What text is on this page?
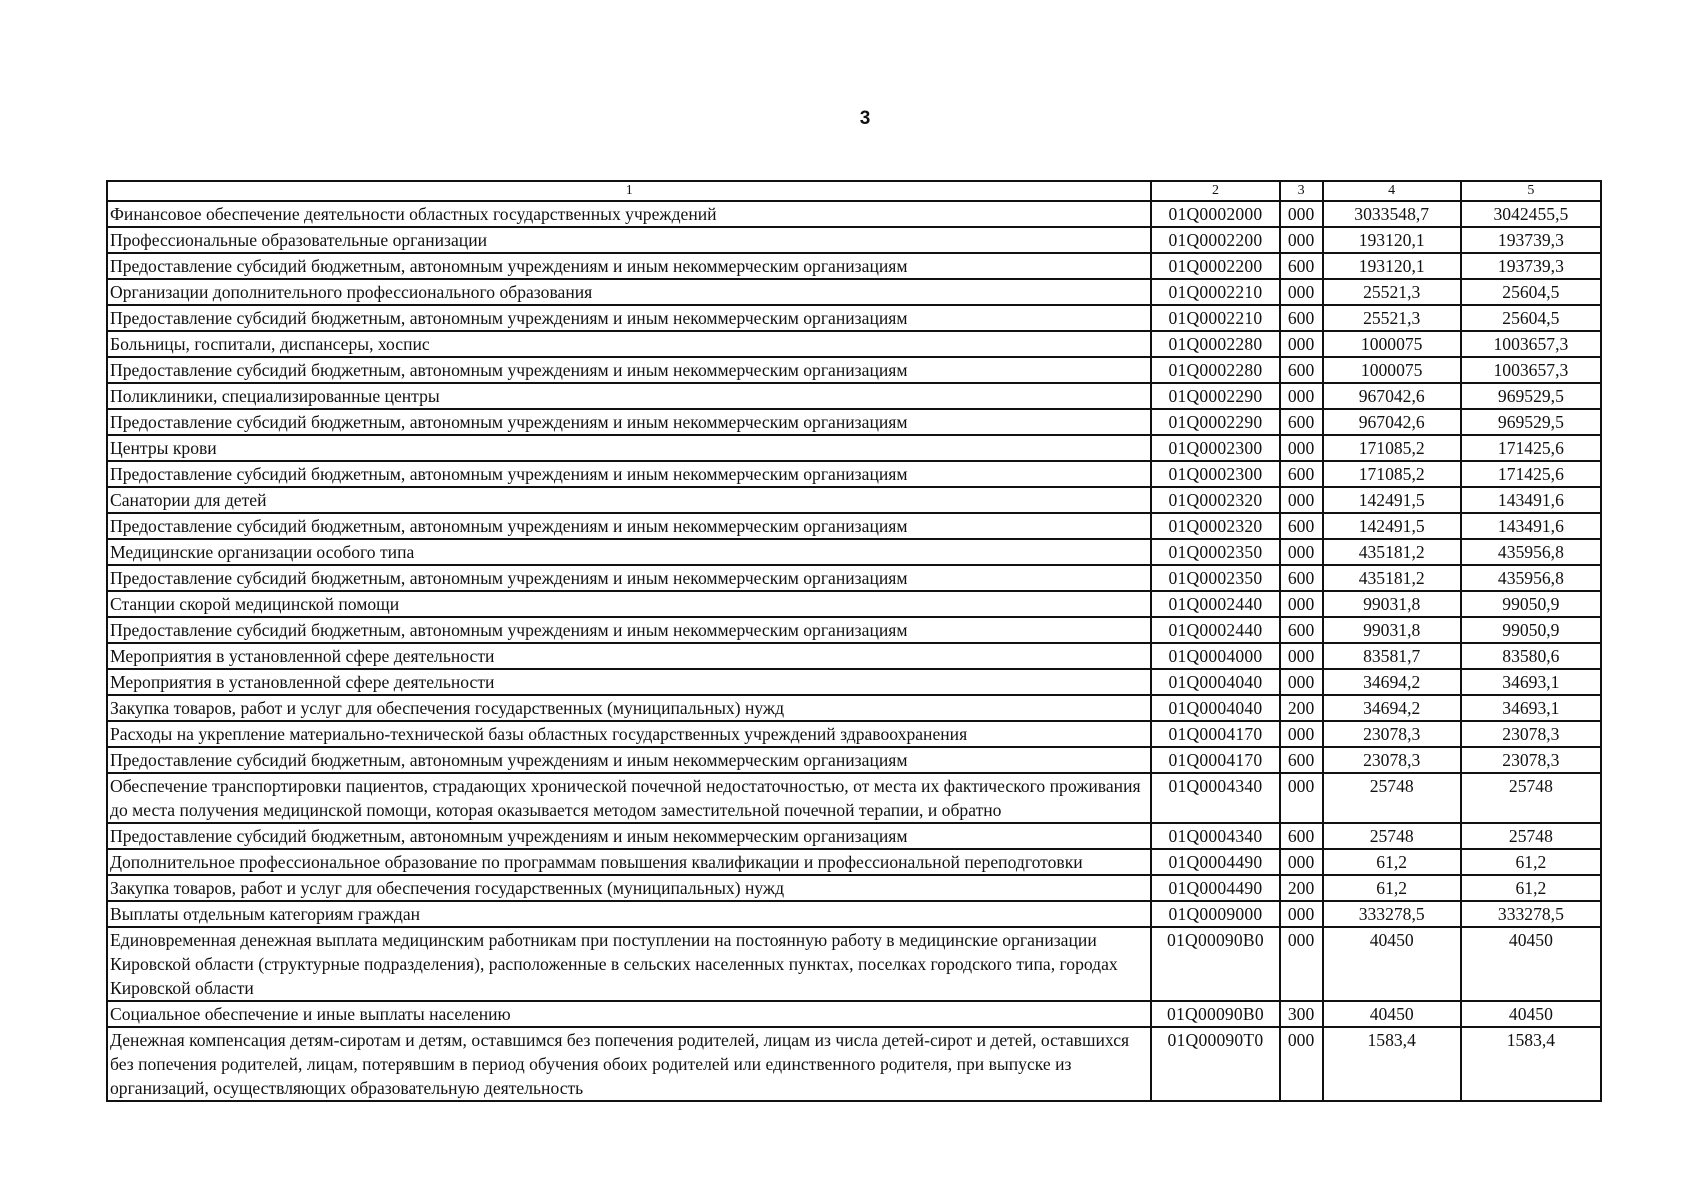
3
1	2	3	4	5
Финансовое обеспечение деятельности областных государственных учреждений	01Q0002000	000	3033548,7	3042455,5
Профессиональные образовательные организации	01Q0002200	000	193120,1	193739,3
Предоставление субсидий бюджетным, автономным учреждениям и иным некоммерческим организациям	01Q0002200	600	193120,1	193739,3
Организации дополнительного профессионального образования	01Q0002210	000	25521,3	25604,5
Предоставление субсидий бюджетным, автономным учреждениям и иным некоммерческим организациям	01Q0002210	600	25521,3	25604,5
Больницы, госпитали, диспансеры, хоспис	01Q0002280	000	1000075	1003657,3
Предоставление субсидий бюджетным, автономным учреждениям и иным некоммерческим организациям	01Q0002280	600	1000075	1003657,3
Поликлиники, специализированные центры	01Q0002290	000	967042,6	969529,5
Предоставление субсидий бюджетным, автономным учреждениям и иным некоммерческим организациям	01Q0002290	600	967042,6	969529,5
Центры крови	01Q0002300	000	171085,2	171425,6
Предоставление субсидий бюджетным, автономным учреждениям и иным некоммерческим организациям	01Q0002300	600	171085,2	171425,6
Санатории для детей	01Q0002320	000	142491,5	143491,6
Предоставление субсидий бюджетным, автономным учреждениям и иным некоммерческим организациям	01Q0002320	600	142491,5	143491,6
Медицинские организации особого типа	01Q0002350	000	435181,2	435956,8
Предоставление субсидий бюджетным, автономным учреждениям и иным некоммерческим организациям	01Q0002350	600	435181,2	435956,8
Станции скорой медицинской помощи	01Q0002440	000	99031,8	99050,9
Предоставление субсидий бюджетным, автономным учреждениям и иным некоммерческим организациям	01Q0002440	600	99031,8	99050,9
Мероприятия в установленной сфере деятельности	01Q0004000	000	83581,7	83580,6
Мероприятия в установленной сфере деятельности	01Q0004040	000	34694,2	34693,1
Закупка товаров, работ и услуг для обеспечения государственных (муниципальных) нужд	01Q0004040	200	34694,2	34693,1
Расходы на укрепление материально-технической базы областных государственных учреждений здравоохранения	01Q0004170	000	23078,3	23078,3
Предоставление субсидий бюджетным, автономным учреждениям и иным некоммерческим организациям	01Q0004170	600	23078,3	23078,3
Обеспечение транспортировки пациентов, страдающих хронической почечной недостаточностью, от места их фактического проживания до места получения медицинской помощи, которая оказывается методом заместительной почечной терапии, и обратно	01Q0004340	000	25748	25748
Предоставление субсидий бюджетным, автономным учреждениям и иным некоммерческим организациям	01Q0004340	600	25748	25748
Дополнительное профессиональное образование по программам повышения квалификации и профессиональной переподготовки	01Q0004490	000	61,2	61,2
Закупка товаров, работ и услуг для обеспечения государственных (муниципальных) нужд	01Q0004490	200	61,2	61,2
Выплаты отдельным категориям граждан	01Q0009000	000	333278,5	333278,5
Единовременная денежная выплата медицинским работникам при поступлении на постоянную работу в медицинские организации Кировской области (структурные подразделения), расположенные в сельских населенных пунктах, поселках городского типа, городах Кировской области	01Q00090B0	000	40450	40450
Социальное обеспечение и иные выплаты населению	01Q00090B0	300	40450	40450
Денежная компенсация детям-сиротам и детям, оставшимся без попечения родителей, лицам из числа детей-сирот и детей, оставшихся без попечения родителей, лицам, потерявшим в период обучения обоих родителей или единственного родителя, при выпуске из организаций, осуществляющих образовательную деятельность	01Q00090T0	000	1583,4	1583,4
